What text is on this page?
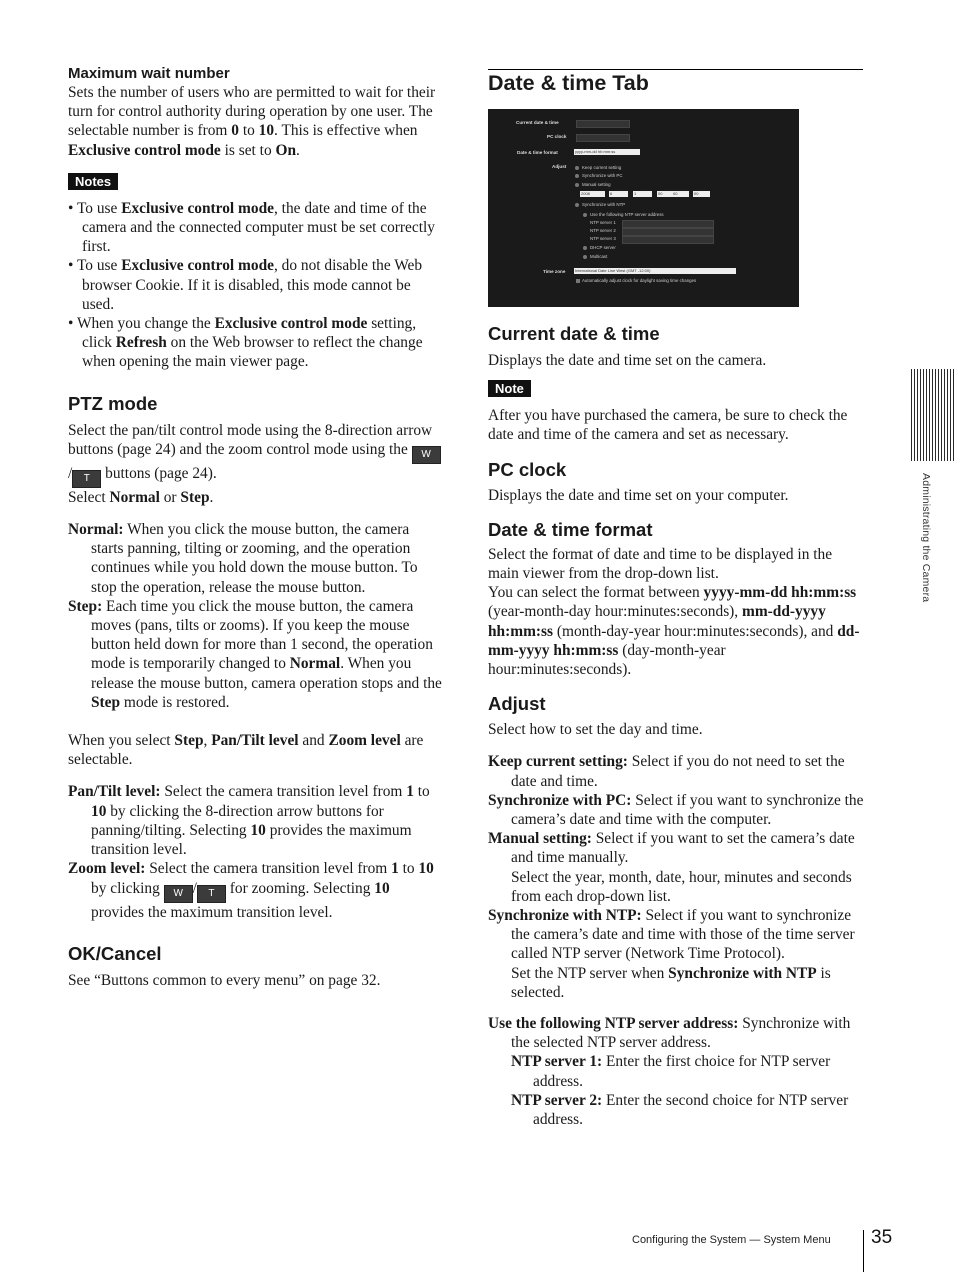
Maximum wait number

Sets the number of users who are permitted to wait for their turn for control authority during operation by one user. The selectable number is from 0 to 10. This is effective when Exclusive control mode is set to On.

Notes

• To use Exclusive control mode, the date and time of the camera and the connected computer must be set correctly first.

• To use Exclusive control mode, do not disable the Web browser Cookie. If it is disabled, this mode cannot be used.

• When you change the Exclusive control mode setting, click Refresh on the Web browser to reflect the change when opening the main viewer page.

PTZ mode

Select the pan/tilt control mode using the 8-direction arrow buttons (page 24) and the zoom control mode using the W/ T buttons (page 24).

Select Normal or Step.

Normal: When you click the mouse button, the camera starts panning, tilting or zooming, and the operation continues while you hold down the mouse button. To stop the operation, release the mouse button.

Step: Each time you click the mouse button, the camera moves (pans, tilts or zooms). If you keep the mouse button held down for more than 1 second, the operation mode is temporarily changed to Normal. When you release the mouse button, camera operation stops and the Step mode is restored.

When you select Step, Pan/Tilt level and Zoom level are selectable.

Pan/Tilt level: Select the camera transition level from 1 to 10 by clicking the 8-direction arrow buttons for panning/tilting. Selecting 10 provides the maximum transition level.

Zoom level: Select the camera transition level from 1 to 10 by clicking W / T for zooming. Selecting 10 provides the maximum transition level.

OK/Cancel

See “Buttons common to every menu” on page 32.

Date & time Tab
Current date & time
PC clock
Date & time format	yyyy-mm-dd hh:mm:ss
Adjust	Keep current setting
Synchronize with PC
Manual setting
2008	6	1	00	00	00
Synchronize with NTP
Use the following NTP server address
NTP server 1
NTP server 2
NTP server 3
DHCP server
Multicast
Time zone International Date Line West (GMT -12:00)
Automatically adjust clock for daylight saving time changes
Current date & time

Displays the date and time set on the camera.

Note

After you have purchased the camera, be sure to check the date and time of the camera and set as necessary.

PC clock

Displays the date and time set on your computer.

Date & time format

Select the format of date and time to be displayed in the main viewer from the drop-down list.

You can select the format between yyyy-mm-dd hh:mm:ss (year-month-day hour:minutes:seconds), mm-dd-yyyy hh:mm:ss (month-day-year hour:minutes:seconds), and dd-mm-yyyy hh:mm:ss (day-month-year hour:minutes:seconds).

Adjust

Select how to set the day and time.

Keep current setting: Select if you do not need to set the date and time.

Synchronize with PC: Select if you want to synchronize the camera’s date and time with the computer.

Manual setting: Select if you want to set the camera’s date and time manually.

Select the year, month, date, hour, minutes and seconds from each drop-down list.

Synchronize with NTP: Select if you want to synchronize the camera’s date and time with those of the time server called NTP server (Network Time Protocol).

Set the NTP server when Synchronize with NTP is selected.

Use the following NTP server address: Synchronize with the selected NTP server address.

NTP server 1: Enter the first choice for NTP server address.

NTP server 2: Enter the second choice for NTP server address.

Administrating the Camera
Configuring the System — System Menu 35
